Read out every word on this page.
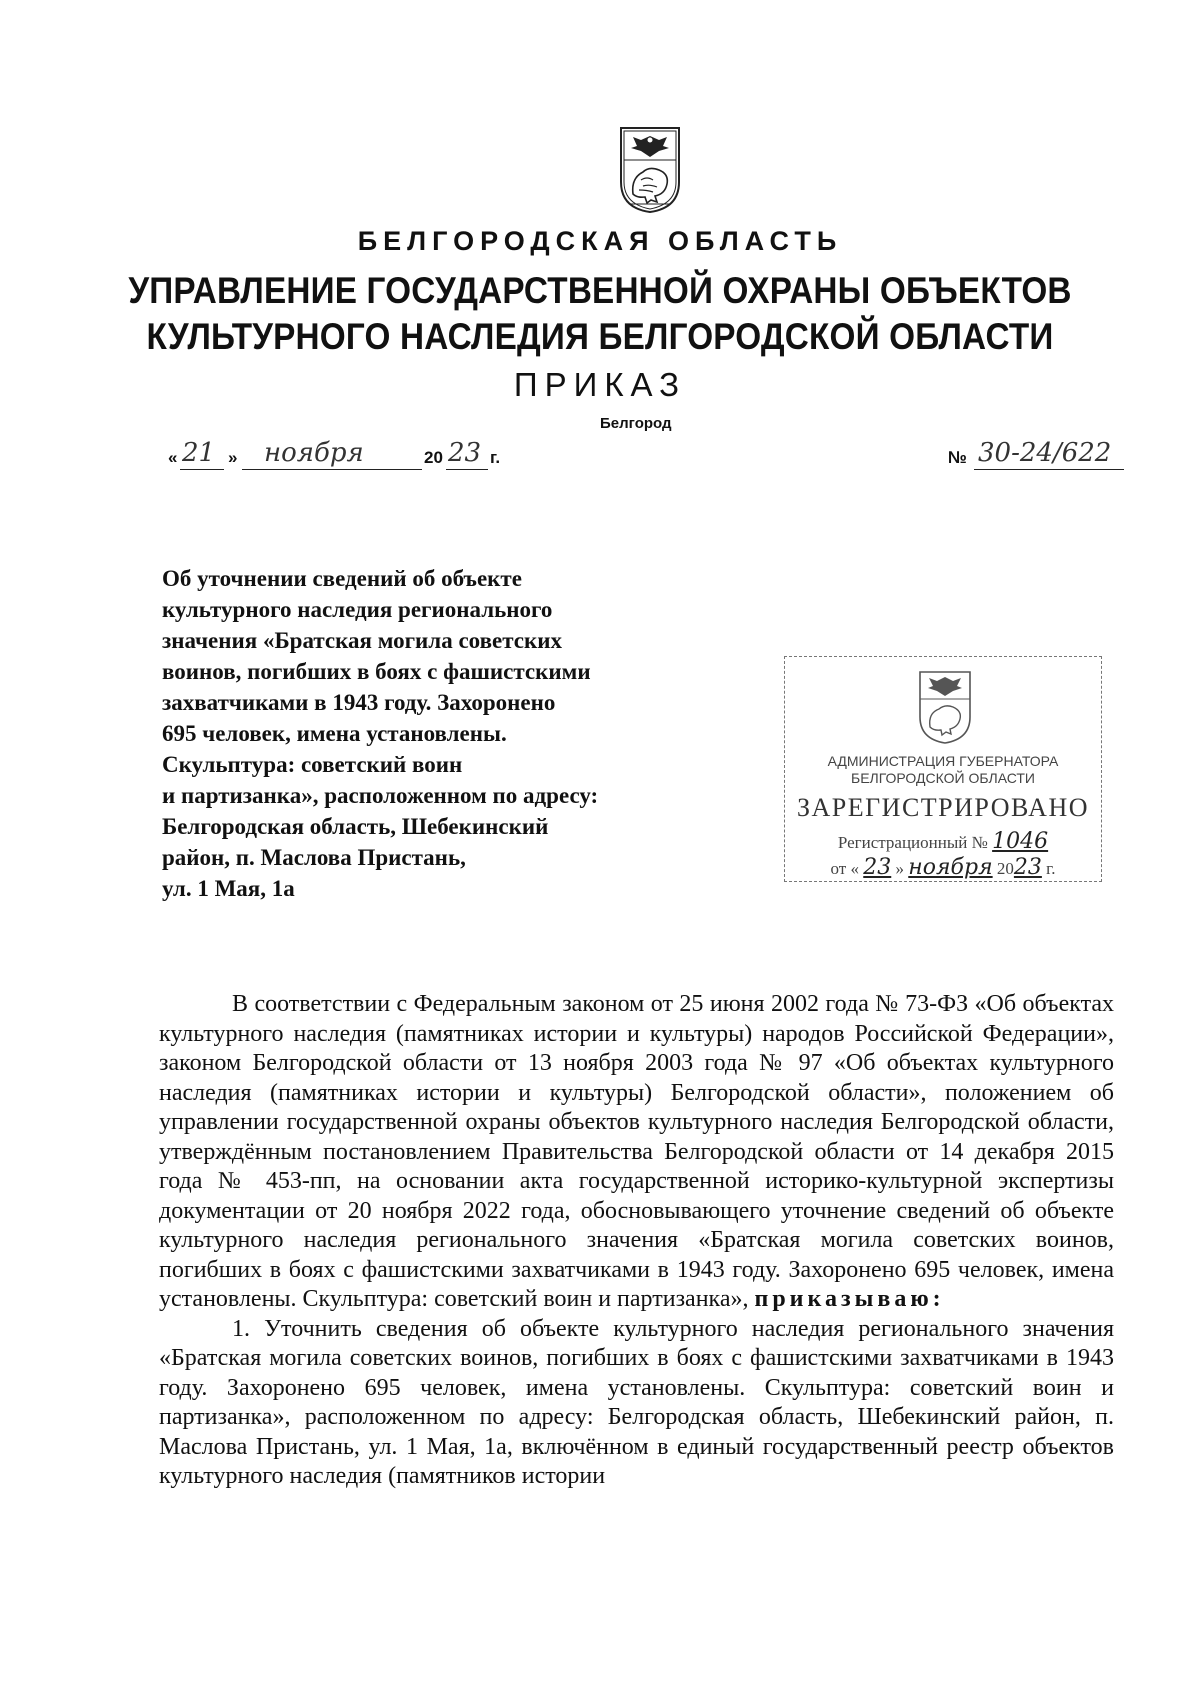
БЕЛГОРОДСКАЯ ОБЛАСТЬ
УПРАВЛЕНИЕ ГОСУДАРСТВЕННОЙ ОХРАНЫ ОБЪЕКТОВ
КУЛЬТУРНОГО НАСЛЕДИЯ БЕЛГОРОДСКОЙ ОБЛАСТИ
ПРИКАЗ
Белгород
« 21 » ноября	20 23 г.	№ 30-24/622
Об уточнении сведений об объекте
культурного наследия регионального
значения «Братская могила советских
воинов, погибших в боях с фашистскими
захватчиками в 1943 году. Захоронено
695 человек, имена установлены.
Скульптура: советский воин
и партизанка», расположенном по адресу:
Белгородская область, Шебекинский
район, п. Маслова Пристань,
ул. 1 Мая, 1а
АДМИНИСТРАЦИЯ ГУБЕРНАТОРА
БЕЛГОРОДСКОЙ ОБЛАСТИ
ЗАРЕГИСТРИРОВАНО
Регистрационный № 1046
от « 23 » ноября 2023 г.

В соответствии с Федеральным законом от 25 июня 2002 года № 73-ФЗ «Об объектах культурного наследия (памятниках истории и культуры) народов Российской Федерации», законом Белгородской области от 13 ноября 2003 года № 97 «Об объектах культурного наследия (памятниках истории и культуры) Белгородской области», положением об управлении государственной охраны объектов культурного наследия Белгородской области, утверждённым постановлением Правительства Белгородской области от 14 декабря 2015 года № 453-пп, на основании акта государственной историко-культурной экспертизы документации от 20 ноября 2022 года, обосновывающего уточнение сведений об объекте культурного наследия регионального значения «Братская могила советских воинов, погибших в боях с фашистскими захватчиками в 1943 году. Захоронено 695 человек, имена установлены. Скульптура: советский воин и партизанка», приказываю:

1. Уточнить сведения об объекте культурного наследия регионального значения «Братская могила советских воинов, погибших в боях с фашистскими захватчиками в 1943 году. Захоронено 695 человек, имена установлены. Скульптура: советский воин и партизанка», расположенном по адресу: Белгородская область, Шебекинский район, п. Маслова Пристань, ул. 1 Мая, 1а, включённом в единый государственный реестр объектов культурного наследия (памятников истории
